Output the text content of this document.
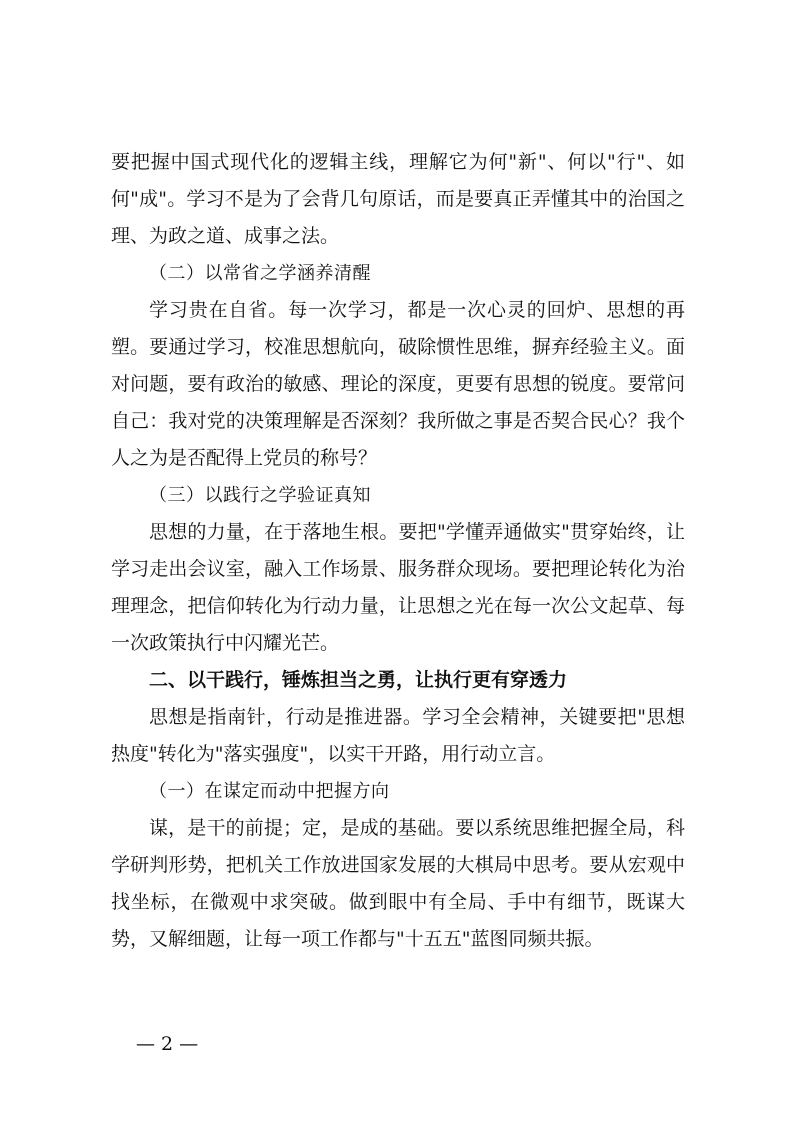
要把握中国式现代化的逻辑主线，理解它为何"新"、何以"行"、如何"成"。学习不是为了会背几句原话，而是要真正弄懂其中的治国之理、为政之道、成事之法。

（二）以常省之学涵养清醒

学习贵在自省。每一次学习，都是一次心灵的回炉、思想的再塑。要通过学习，校准思想航向，破除惯性思维，摒弃经验主义。面对问题，要有政治的敏感、理论的深度，更要有思想的锐度。要常问自己：我对党的决策理解是否深刻？我所做之事是否契合民心？我个人之为是否配得上党员的称号？

（三）以践行之学验证真知

思想的力量，在于落地生根。要把"学懂弄通做实"贯穿始终，让学习走出会议室，融入工作场景、服务群众现场。要把理论转化为治理理念，把信仰转化为行动力量，让思想之光在每一次公文起草、每一次政策执行中闪耀光芒。

二、以干践行，锤炼担当之勇，让执行更有穿透力

思想是指南针，行动是推进器。学习全会精神，关键要把"思想热度"转化为"落实强度"，以实干开路，用行动立言。

（一）在谋定而动中把握方向

谋，是干的前提；定，是成的基础。要以系统思维把握全局，科学研判形势，把机关工作放进国家发展的大棋局中思考。要从宏观中找坐标，在微观中求突破。做到眼中有全局、手中有细节，既谋大势，又解细题，让每一项工作都与"十五五"蓝图同频共振。

— 2 —
